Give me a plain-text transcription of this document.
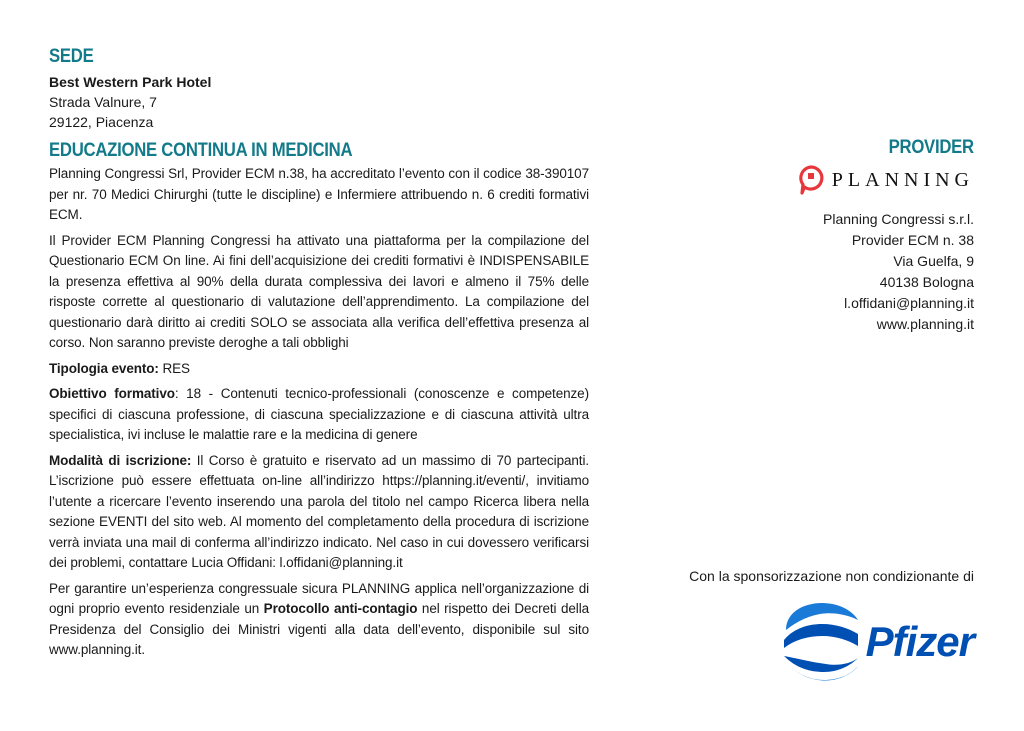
SEDE
Best Western Park Hotel
Strada Valnure, 7
29122, Piacenza
EDUCAZIONE CONTINUA IN MEDICINA

Planning Congressi Srl, Provider ECM n.38, ha accreditato l’evento con il codice 38-390107 per nr. 70 Medici Chirurghi (tutte le discipline) e Infermiere attribuendo n. 6 crediti formativi ECM.

Il Provider ECM Planning Congressi ha attivato una piattaforma per la compilazione del Questionario ECM On line. Ai fini dell’acquisizione dei crediti formativi è INDISPENSABILE la presenza effettiva al 90% della durata complessiva dei lavori e almeno il 75% delle risposte corrette al questionario di valutazione dell’apprendimento. La compilazione del questionario darà diritto ai crediti SOLO se associata alla verifica dell’effettiva presenza al corso. Non saranno previste deroghe a tali obblighi

Tipologia evento: RES

Obiettivo formativo: 18 - Contenuti tecnico-professionali (conoscenze e competenze) specifici di ciascuna professione, di ciascuna specializzazione e di ciascuna attività ultra specialistica, ivi incluse le malattie rare e la medicina di genere

Modalità di iscrizione: Il Corso è gratuito e riservato ad un massimo di 70 partecipanti. L’iscrizione può essere effettuata on-line all’indirizzo https://planning.it/eventi/, invitiamo l’utente a ricercare l’evento inserendo una parola del titolo nel campo Ricerca libera nella sezione EVENTI del sito web. Al momento del completamento della procedura di iscrizione verrà inviata una mail di conferma all’indirizzo indicato. Nel caso in cui dovessero verificarsi dei problemi, contattare Lucia Offidani: l.offidani@planning.it

Per garantire un’esperienza congressuale sicura PLANNING applica nell’organizzazione di ogni proprio evento residenziale un Protocollo anti-contagio nel rispetto dei Decreti della Presidenza del Consiglio dei Ministri vigenti alla data dell’evento, disponibile sul sito www.planning.it.

PROVIDER
PLANNING
Planning Congressi s.r.l.
Provider ECM n. 38
Via Guelfa, 9
40138 Bologna
l.offidani@planning.it
www.planning.it
Con la sponsorizzazione non condizionante di
Pfizer
